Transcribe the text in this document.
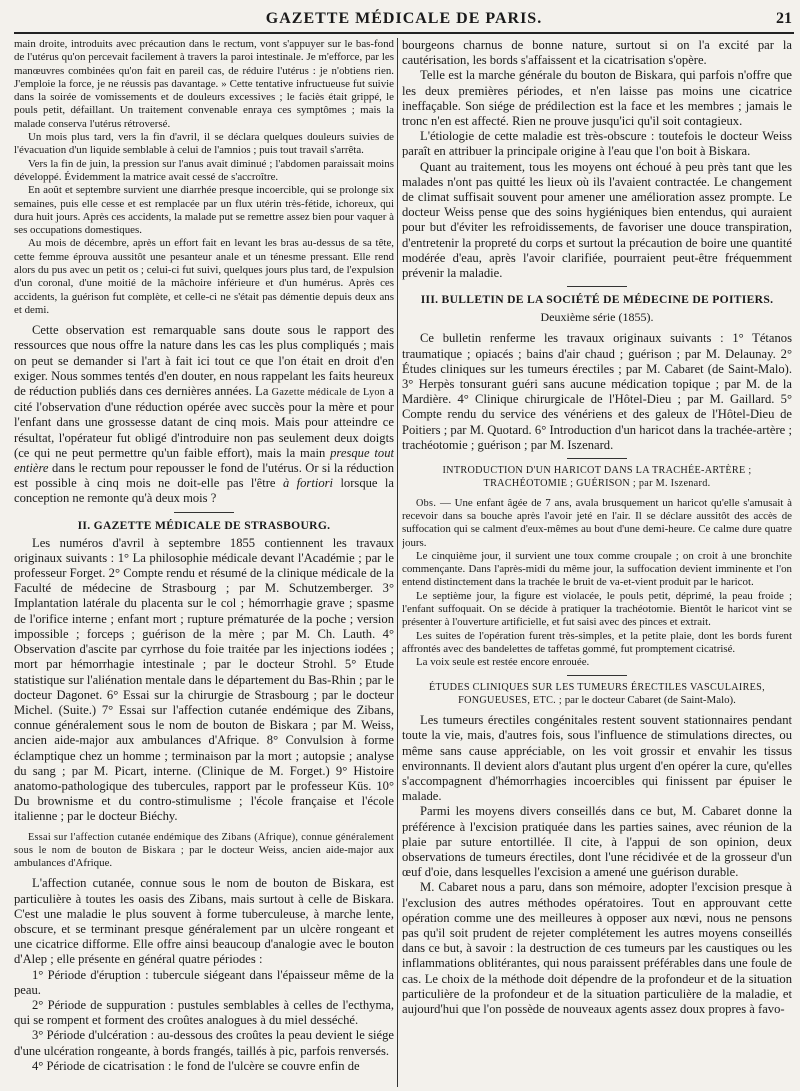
GAZETTE MÉDICALE DE PARIS.	21

main droite, introduits avec précaution dans le rectum, vont s'appuyer sur le bas-fond de l'utérus qu'on percevait facilement à travers la paroi intestinale. Je m'efforce, par les manœuvres combinées qu'on fait en pareil cas, de réduire l'utérus : je n'obtiens rien. J'emploie la force, je ne réussis pas davantage. » Cette tentative infructueuse fut suivie dans la soirée de vomissements et de douleurs excessives ; le faciès était grippé, le pouls petit, défaillant. Un traitement convenable enraya ces symptômes ; mais la malade conserva l'utérus rétroversé.

Un mois plus tard, vers la fin d'avril, il se déclara quelques douleurs suivies de l'évacuation d'un liquide semblable à celui de l'amnios ; puis tout travail s'arrêta.

Vers la fin de juin, la pression sur l'anus avait diminué ; l'abdomen paraissait moins développé. Évidemment la matrice avait cessé de s'accroître.

En août et septembre survient une diarrhée presque incoercible, qui se prolonge six semaines, puis elle cesse et est remplacée par un flux utérin très-fétide, ichoreux, qui dura huit jours. Après ces accidents, la malade put se remettre assez bien pour vaquer à ses occupations domestiques.

Au mois de décembre, après un effort fait en levant les bras au-dessus de sa tête, cette femme éprouva aussitôt une pesanteur anale et un ténesme pressant. Elle rend alors du pus avec un petit os ; celui-ci fut suivi, quelques jours plus tard, de l'expulsion d'un coronal, d'une moitié de la mâchoire inférieure et d'un humérus. Après ces accidents, la guérison fut complète, et celle-ci ne s'était pas démentie depuis deux ans et demi.

Cette observation est remarquable sans doute sous le rapport des ressources que nous offre la nature dans les cas les plus compliqués ; mais on peut se demander si l'art à fait ici tout ce que l'on était en droit d'en exiger. Nous sommes tentés d'en douter, en nous rappelant les faits heureux de réduction publiés dans ces dernières années. La Gazette médicale de Lyon a cité l'observation d'une réduction opérée avec succès pour la mère et pour l'enfant dans une grossesse datant de cinq mois. Mais pour atteindre ce résultat, l'opérateur fut obligé d'introduire non pas seulement deux doigts (ce qui ne peut permettre qu'un faible effort), mais la main presque tout entière dans le rectum pour repousser le fond de l'utérus. Or si la réduction est possible à cinq mois ne doit-elle pas l'être à fortiori lorsque la conception ne remonte qu'à deux mois ?

II. GAZETTE MÉDICALE DE STRASBOURG.

Les numéros d'avril à septembre 1855 contiennent les travaux originaux suivants : 1° La philosophie médicale devant l'Académie ; par le professeur Forget. 2° Compte rendu et résumé de la clinique médicale de la Faculté de médecine de Strasbourg ; par M. Schutzemberger. 3° Implantation latérale du placenta sur le col ; hémorrhagie grave ; spasme de l'orifice interne ; enfant mort ; rupture prématurée de la poche ; version impossible ; forceps ; guérison de la mère ; par M. Ch. Lauth. 4° Observation d'ascite par cyrrhose du foie traitée par les injections iodées ; mort par hémorrhagie intestinale ; par le docteur Strohl. 5° Etude statistique sur l'aliénation mentale dans le département du Bas-Rhin ; par le docteur Dagonet. 6° Essai sur la chirurgie de Strasbourg ; par le docteur Michel. (Suite.) 7° Essai sur l'affection cutanée endémique des Zibans, connue généralement sous le nom de bouton de Biskara ; par M. Weiss, ancien aide-major aux ambulances d'Afrique. 8° Convulsion à forme éclamptique chez un homme ; terminaison par la mort ; autopsie ; analyse du sang ; par M. Picart, interne. (Clinique de M. Forget.) 9° Histoire anatomo-pathologique des tubercules, rapport par le professeur Küs. 10° Du brownisme et du contro-stimulisme ; l'école française et l'école italienne ; par le docteur Biéchy.

Essai sur l'affection cutanée endémique des Zibans (Afrique), connue généralement sous le nom de bouton de Biskara ; par le docteur Weiss, ancien aide-major aux ambulances d'Afrique.

L'affection cutanée, connue sous le nom de bouton de Biskara, est particulière à toutes les oasis des Zibans, mais surtout à celle de Biskara. C'est une maladie le plus souvent à forme tuberculeuse, à marche lente, obscure, et se terminant presque généralement par un ulcère rongeant et une cicatrice difforme. Elle offre ainsi beaucoup d'analogie avec le bouton d'Alep ; elle présente en général quatre périodes :

1° Période d'éruption : tubercule siégeant dans l'épaisseur même de la peau.

2° Période de suppuration : pustules semblables à celles de l'ecthyma, qui se rompent et forment des croûtes analogues à du miel desséché.

3° Période d'ulcération : au-dessous des croûtes la peau devient le siége d'une ulcération rongeante, à bords frangés, taillés à pic, parfois renversés.

4° Période de cicatrisation : le fond de l'ulcère se couvre enfin de

bourgeons charnus de bonne nature, surtout si on l'a excité par la cautérisation, les bords s'affaissent et la cicatrisation s'opère.

Telle est la marche générale du bouton de Biskara, qui parfois n'offre que les deux premières périodes, et n'en laisse pas moins une cicatrice ineffaçable. Son siége de prédilection est la face et les membres ; jamais le tronc n'en est affecté. Rien ne prouve jusqu'ici qu'il soit contagieux.

L'étiologie de cette maladie est très-obscure : toutefois le docteur Weiss paraît en attribuer la principale origine à l'eau que l'on boit à Biskara.

Quant au traitement, tous les moyens ont échoué à peu près tant que les malades n'ont pas quitté les lieux où ils l'avaient contractée. Le changement de climat suffisait souvent pour amener une amélioration assez prompte. Le docteur Weiss pense que des soins hygiéniques bien entendus, qui auraient pour but d'éviter les refroidissements, de favoriser une douce transpiration, d'entretenir la propreté du corps et surtout la précaution de boire une quantité modérée d'eau, après l'avoir clarifiée, pourraient peut-être fréquemment prévenir la maladie.

III. BULLETIN DE LA SOCIÉTÉ DE MÉDECINE DE POITIERS.

Deuxième série (1855).

Ce bulletin renferme les travaux originaux suivants : 1° Tétanos traumatique ; opiacés ; bains d'air chaud ; guérison ; par M. Delaunay. 2° Études cliniques sur les tumeurs érectiles ; par M. Cabaret (de Saint-Malo). 3° Herpès tonsurant guéri sans aucune médication topique ; par M. de la Mardière. 4° Clinique chirurgicale de l'Hôtel-Dieu ; par M. Gaillard. 5° Compte rendu du service des vénériens et des galeux de l'Hôtel-Dieu de Poitiers ; par M. Quotard. 6° Introduction d'un haricot dans la trachée-artère ; trachéotomie ; guérison ; par M. Iszenard.

INTRODUCTION D'UN HARICOT DANS LA TRACHÉE-ARTÈRE ; TRACHÉOTOMIE ; GUÉRISON ; par M. Iszenard.

Obs. — Une enfant âgée de 7 ans, avala brusquement un haricot qu'elle s'amusait à recevoir dans sa bouche après l'avoir jeté en l'air. Il se déclare aussitôt des accès de suffocation qui se calment d'eux-mêmes au bout d'une demi-heure. Ce calme dure quatre jours.

Le cinquième jour, il survient une toux comme croupale ; on croit à une bronchite commençante. Dans l'après-midi du même jour, la suffocation devient imminente et l'on entend distinctement dans la trachée le bruit de va-et-vient produit par le haricot.

Le septième jour, la figure est violacée, le pouls petit, déprimé, la peau froide ; l'enfant suffoquait. On se décide à pratiquer la trachéotomie. Bientôt le haricot vint se présenter à l'ouverture artificielle, et fut saisi avec des pinces et extrait.

Les suites de l'opération furent très-simples, et la petite plaie, dont les bords furent affrontés avec des bandelettes de taffetas gommé, fut promptement cicatrisé.

La voix seule est restée encore enrouée.

ÉTUDES CLINIQUES SUR LES TUMEURS ÉRECTILES VASCULAIRES, FONGUEUSES, ETC. ; par le docteur Cabaret (de Saint-Malo).

Les tumeurs érectiles congénitales restent souvent stationnaires pendant toute la vie, mais, d'autres fois, sous l'influence de stimulations directes, ou même sans cause appréciable, on les voit grossir et envahir les tissus environnants. Il devient alors d'autant plus urgent d'en opérer la cure, qu'elles s'accompagnent d'hémorrhagies incoercibles qui finissent par épuiser le malade.

Parmi les moyens divers conseillés dans ce but, M. Cabaret donne la préférence à l'excision pratiquée dans les parties saines, avec réunion de la plaie par suture entortillée. Il cite, à l'appui de son opinion, deux observations de tumeurs érectiles, dont l'une récidivée et de la grosseur d'un œuf d'oie, dans lesquelles l'excision a amené une guérison durable.

M. Cabaret nous a paru, dans son mémoire, adopter l'excision presque à l'exclusion des autres méthodes opératoires. Tout en approuvant cette opération comme une des meilleures à opposer aux nœvi, nous ne pensons pas qu'il soit prudent de rejeter complétement les autres moyens conseillés dans ce but, à savoir : la destruction de ces tumeurs par les caustiques ou les inflammations oblitérantes, qui nous paraissent préférables dans une foule de cas. Le choix de la méthode doit dépendre de la profondeur et de la situation particulière de la profondeur et de la situation particulière de la maladie, et aujourd'hui que l'on possède de nouveaux agents assez doux propres à favo-
